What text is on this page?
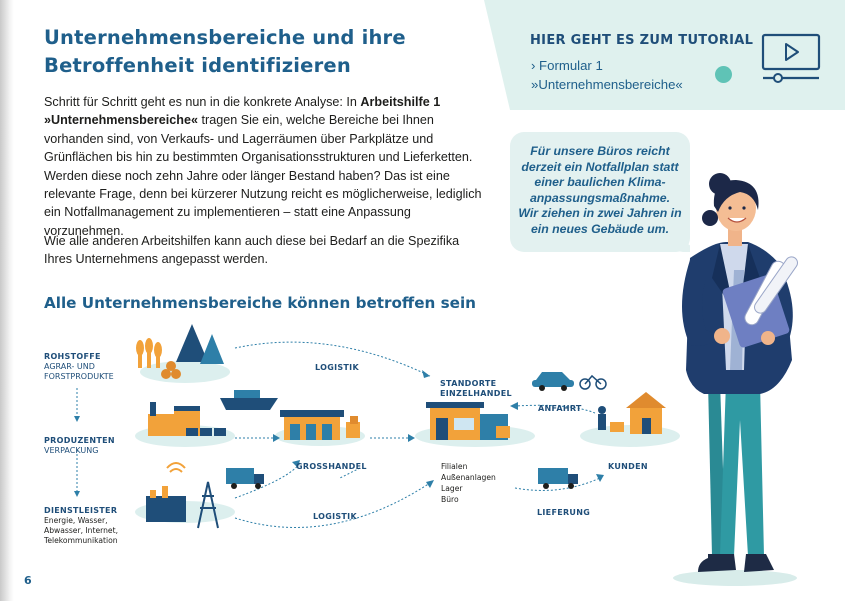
HIER GEHT ES ZUM TUTORIAL

› Formular 1
»Unternehmensbereiche«
Unternehmensbereiche und ihre
Betroffenheit identifizieren

Schritt für Schritt geht es nun in die konkrete Analyse: In Arbeitshilfe 1
»Unternehmensbereiche« tragen Sie ein, welche Bereiche bei Ihnen vorhanden sind, von Verkaufs- und Lagerräumen über Parkplätze und Grünflächen bis hin zu bestimmten Organisationsstrukturen und Lieferketten. Werden diese noch zehn Jahre oder länger Bestand haben? Das ist eine relevante Frage, denn bei kürzerer Nutzung reicht es möglicherweise, lediglich ein Notfallmanagement zu implementieren – statt eine Anpassung vorzunehmen.

Wie alle anderen Arbeitshilfen kann auch diese bei Bedarf an die Spezifika Ihres Unternehmens angepasst werden.

Alle Unternehmensbereiche können betroffen sein
6

Für unsere Büros reicht
derzeit ein Notfallplan statt
einer baulichen Klima-
anpassungsmaßnahme.
Wir ziehen in zwei Jahren in
ein neues Gebäude um.

ROHSTOFFE
AGRAR- UND
FORSTPRODUKTE
PRODUZENTEN
VERPACKUNG
DIENSTLEISTER
Energie, Wasser,
Abwasser, Internet,
Telekommunikation
LOGISTIK
GROSSHANDEL
LOGISTIK
STANDORTE
EINZELHANDEL
Filialen
Außenanlagen
Lager
Büro
ANFAHRT
KUNDEN
LIEFERUNG
